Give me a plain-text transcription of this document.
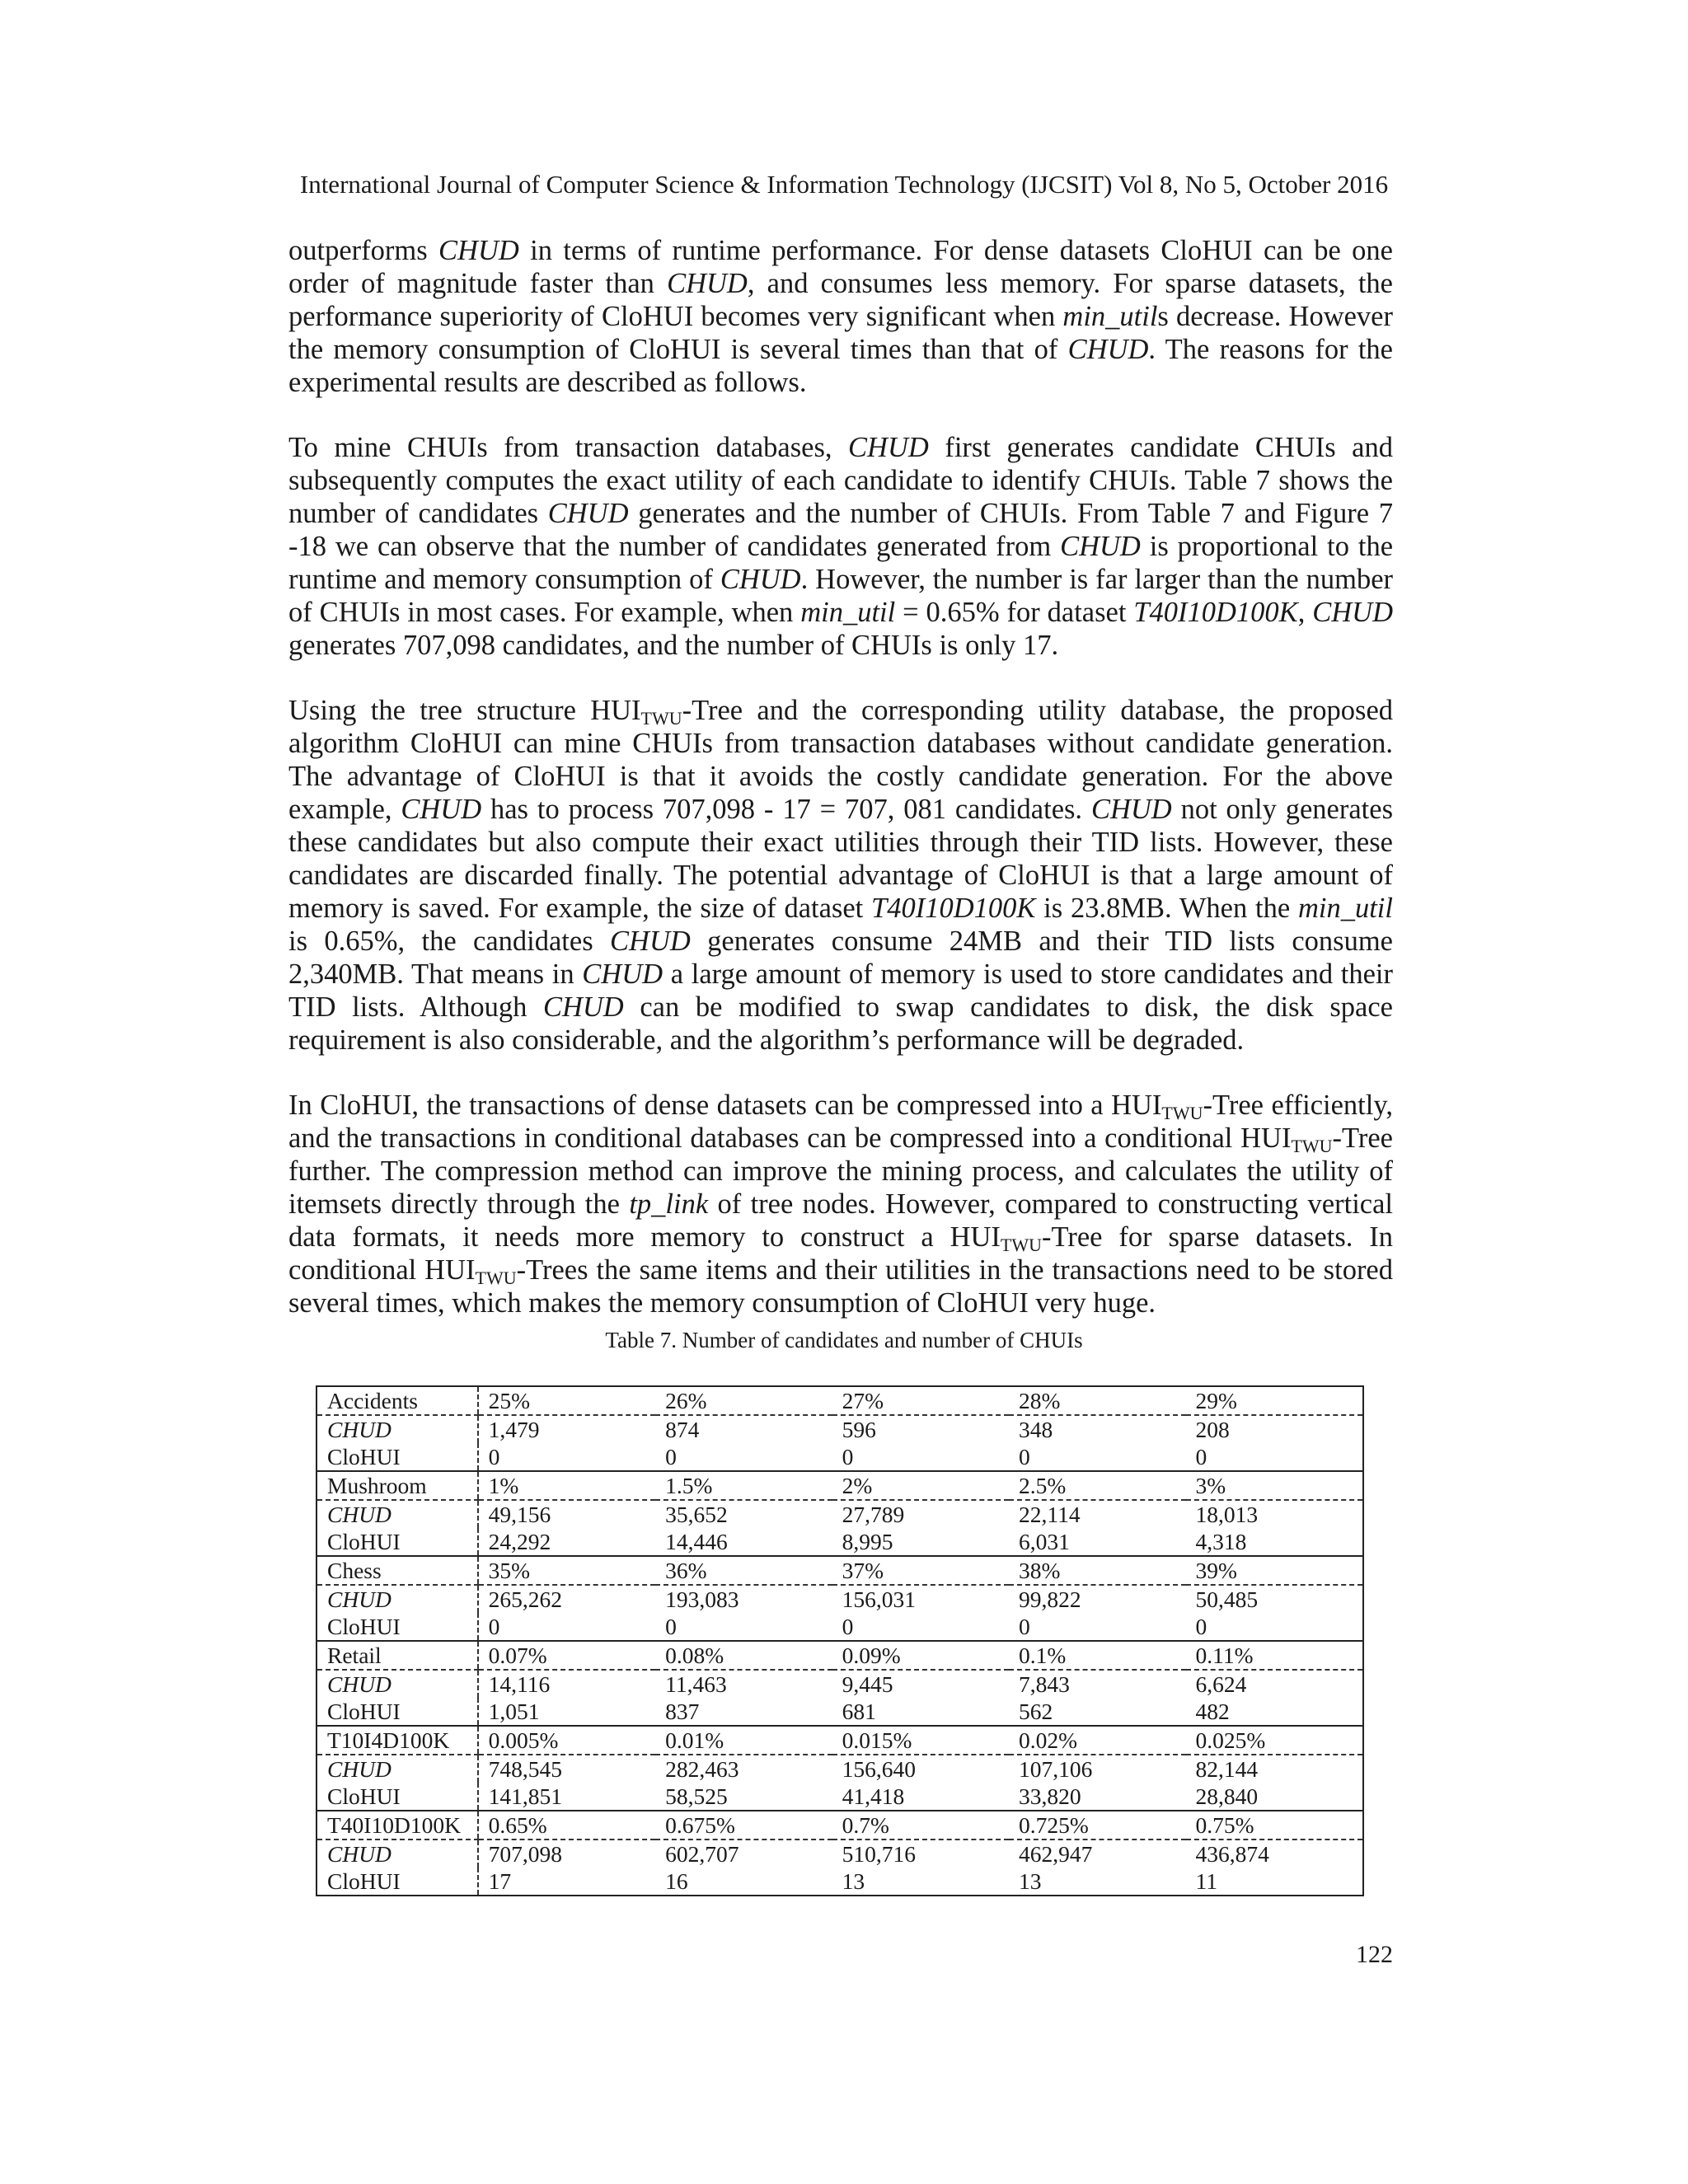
International Journal of Computer Science & Information Technology (IJCSIT) Vol 8, No 5, October 2016

outperforms CHUD in terms of runtime performance. For dense datasets CloHUI can be one order of magnitude faster than CHUD, and consumes less memory. For sparse datasets, the performance superiority of CloHUI becomes very significant when min_utils decrease. However the memory consumption of CloHUI is several times than that of CHUD. The reasons for the experimental results are described as follows.

To mine CHUIs from transaction databases, CHUD first generates candidate CHUIs and subsequently computes the exact utility of each candidate to identify CHUIs. Table 7 shows the number of candidates CHUD generates and the number of CHUIs. From Table 7 and Figure 7 -18 we can observe that the number of candidates generated from CHUD is proportional to the runtime and memory consumption of CHUD. However, the number is far larger than the number of CHUIs in most cases. For example, when min_util = 0.65% for dataset T40I10D100K, CHUD generates 707,098 candidates, and the number of CHUIs is only 17.

Using the tree structure $HUI_{TWU}$-Tree and the corresponding utility database, the proposed algorithm CloHUI can mine CHUIs from transaction databases without candidate generation. The advantage of CloHUI is that it avoids the costly candidate generation. For the above example, CHUD has to process 707,098 - 17 = 707, 081 candidates. CHUD not only generates these candidates but also compute their exact utilities through their TID lists. However, these candidates are discarded finally. The potential advantage of CloHUI is that a large amount of memory is saved. For example, the size of dataset T40I10D100K is 23.8MB. When the min_util is 0.65%, the candidates CHUD generates consume 24MB and their TID lists consume 2,340MB. That means in CHUD a large amount of memory is used to store candidates and their TID lists. Although CHUD can be modified to swap candidates to disk, the disk space requirement is also considerable, and the algorithm’s performance will be degraded.

In CloHUI, the transactions of dense datasets can be compressed into a $HUI_{TWU}$-Tree efficiently, and the transactions in conditional databases can be compressed into a conditional $HUI_{TWU}$-Tree further. The compression method can improve the mining process, and calculates the utility of itemsets directly through the tp_link of tree nodes. However, compared to constructing vertical data formats, it needs more memory to construct a $HUI_{TWU}$-Tree for sparse datasets. In conditional $HUI_{TWU}$-Trees the same items and their utilities in the transactions need to be stored several times, which makes the memory consumption of CloHUI very huge.

Table 7. Number of candidates and number of CHUIs
Accidents	25%	26%	27%	28%	29%
CHUD	1,479	874	596	348	208
CloHUI	0	0	0	0	0
Mushroom	1%	1.5%	2%	2.5%	3%
CHUD	49,156	35,652	27,789	22,114	18,013
CloHUI	24,292	14,446	8,995	6,031	4,318
Chess	35%	36%	37%	38%	39%
CHUD	265,262	193,083	156,031	99,822	50,485
CloHUI	0	0	0	0	0
Retail	0.07%	0.08%	0.09%	0.1%	0.11%
CHUD	14,116	11,463	9,445	7,843	6,624
CloHUI	1,051	837	681	562	482
T10I4D100K	0.005%	0.01%	0.015%	0.02%	0.025%
CHUD	748,545	282,463	156,640	107,106	82,144
CloHUI	141,851	58,525	41,418	33,820	28,840
T40I10D100K	0.65%	0.675%	0.7%	0.725%	0.75%
CHUD	707,098	602,707	510,716	462,947	436,874
CloHUI	17	16	13	13	11
122
